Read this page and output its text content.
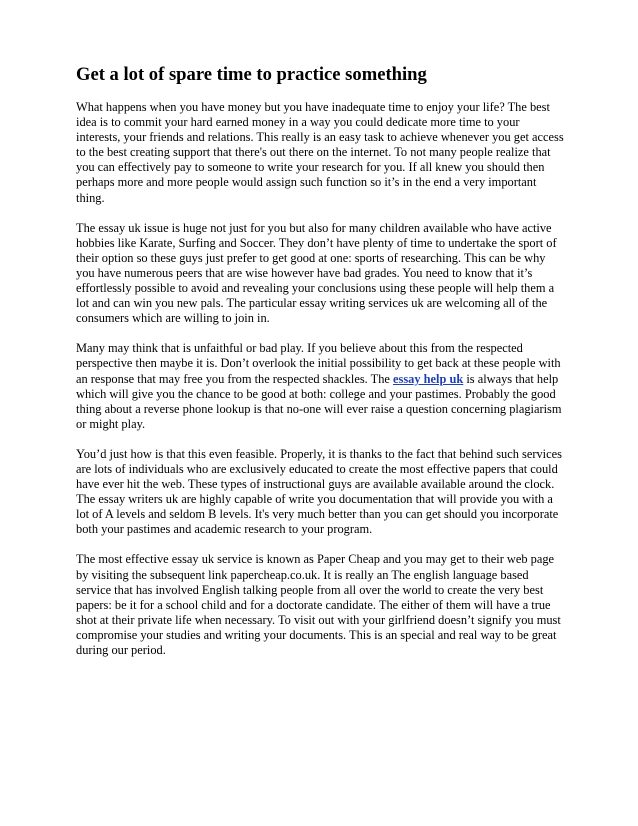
Get a lot of spare time to practice something

What happens when you have money but you have inadequate time to enjoy your life? The best idea is to commit your hard earned money in a way you could dedicate more time to your interests, your friends and relations. This really is an easy task to achieve whenever you get access to the best creating support that there's out there on the internet. To not many people realize that you can effectively pay to someone to write your research for you. If all knew you should then perhaps more and more people would assign such function so it’s in the end a very important thing.

The essay uk issue is huge not just for you but also for many children available who have active hobbies like Karate, Surfing and Soccer. They don’t have plenty of time to undertake the sport of their option so these guys just prefer to get good at one: sports of researching. This can be why you have numerous peers that are wise however have bad grades. You need to know that it’s effortlessly possible to avoid and revealing your conclusions using these people will help them a lot and can win you new pals. The particular essay writing services uk are welcoming all of the consumers which are willing to join in.

Many may think that is unfaithful or bad play. If you believe about this from the respected perspective then maybe it is. Don’t overlook the initial possibility to get back at these people with an response that may free you from the respected shackles. The essay help uk is always that help which will give you the chance to be good at both: college and your pastimes. Probably the good thing about a reverse phone lookup is that no-one will ever raise a question concerning plagiarism or might play.

You’d just how is that this even feasible. Properly, it is thanks to the fact that behind such services are lots of individuals who are exclusively educated to create the most effective papers that could have ever hit the web. These types of instructional guys are available available around the clock. The essay writers uk are highly capable of write you documentation that will provide you with a lot of A levels and seldom B levels. It's very much better than you can get should you incorporate both your pastimes and academic research to your program.

The most effective essay uk service is known as Paper Cheap and you may get to their web page by visiting the subsequent link papercheap.co.uk. It is really an The english language based service that has involved English talking people from all over the world to create the very best papers: be it for a school child and for a doctorate candidate. The either of them will have a true shot at their private life when necessary. To visit out with your girlfriend doesn’t signify you must compromise your studies and writing your documents. This is an special and real way to be great during our period.
